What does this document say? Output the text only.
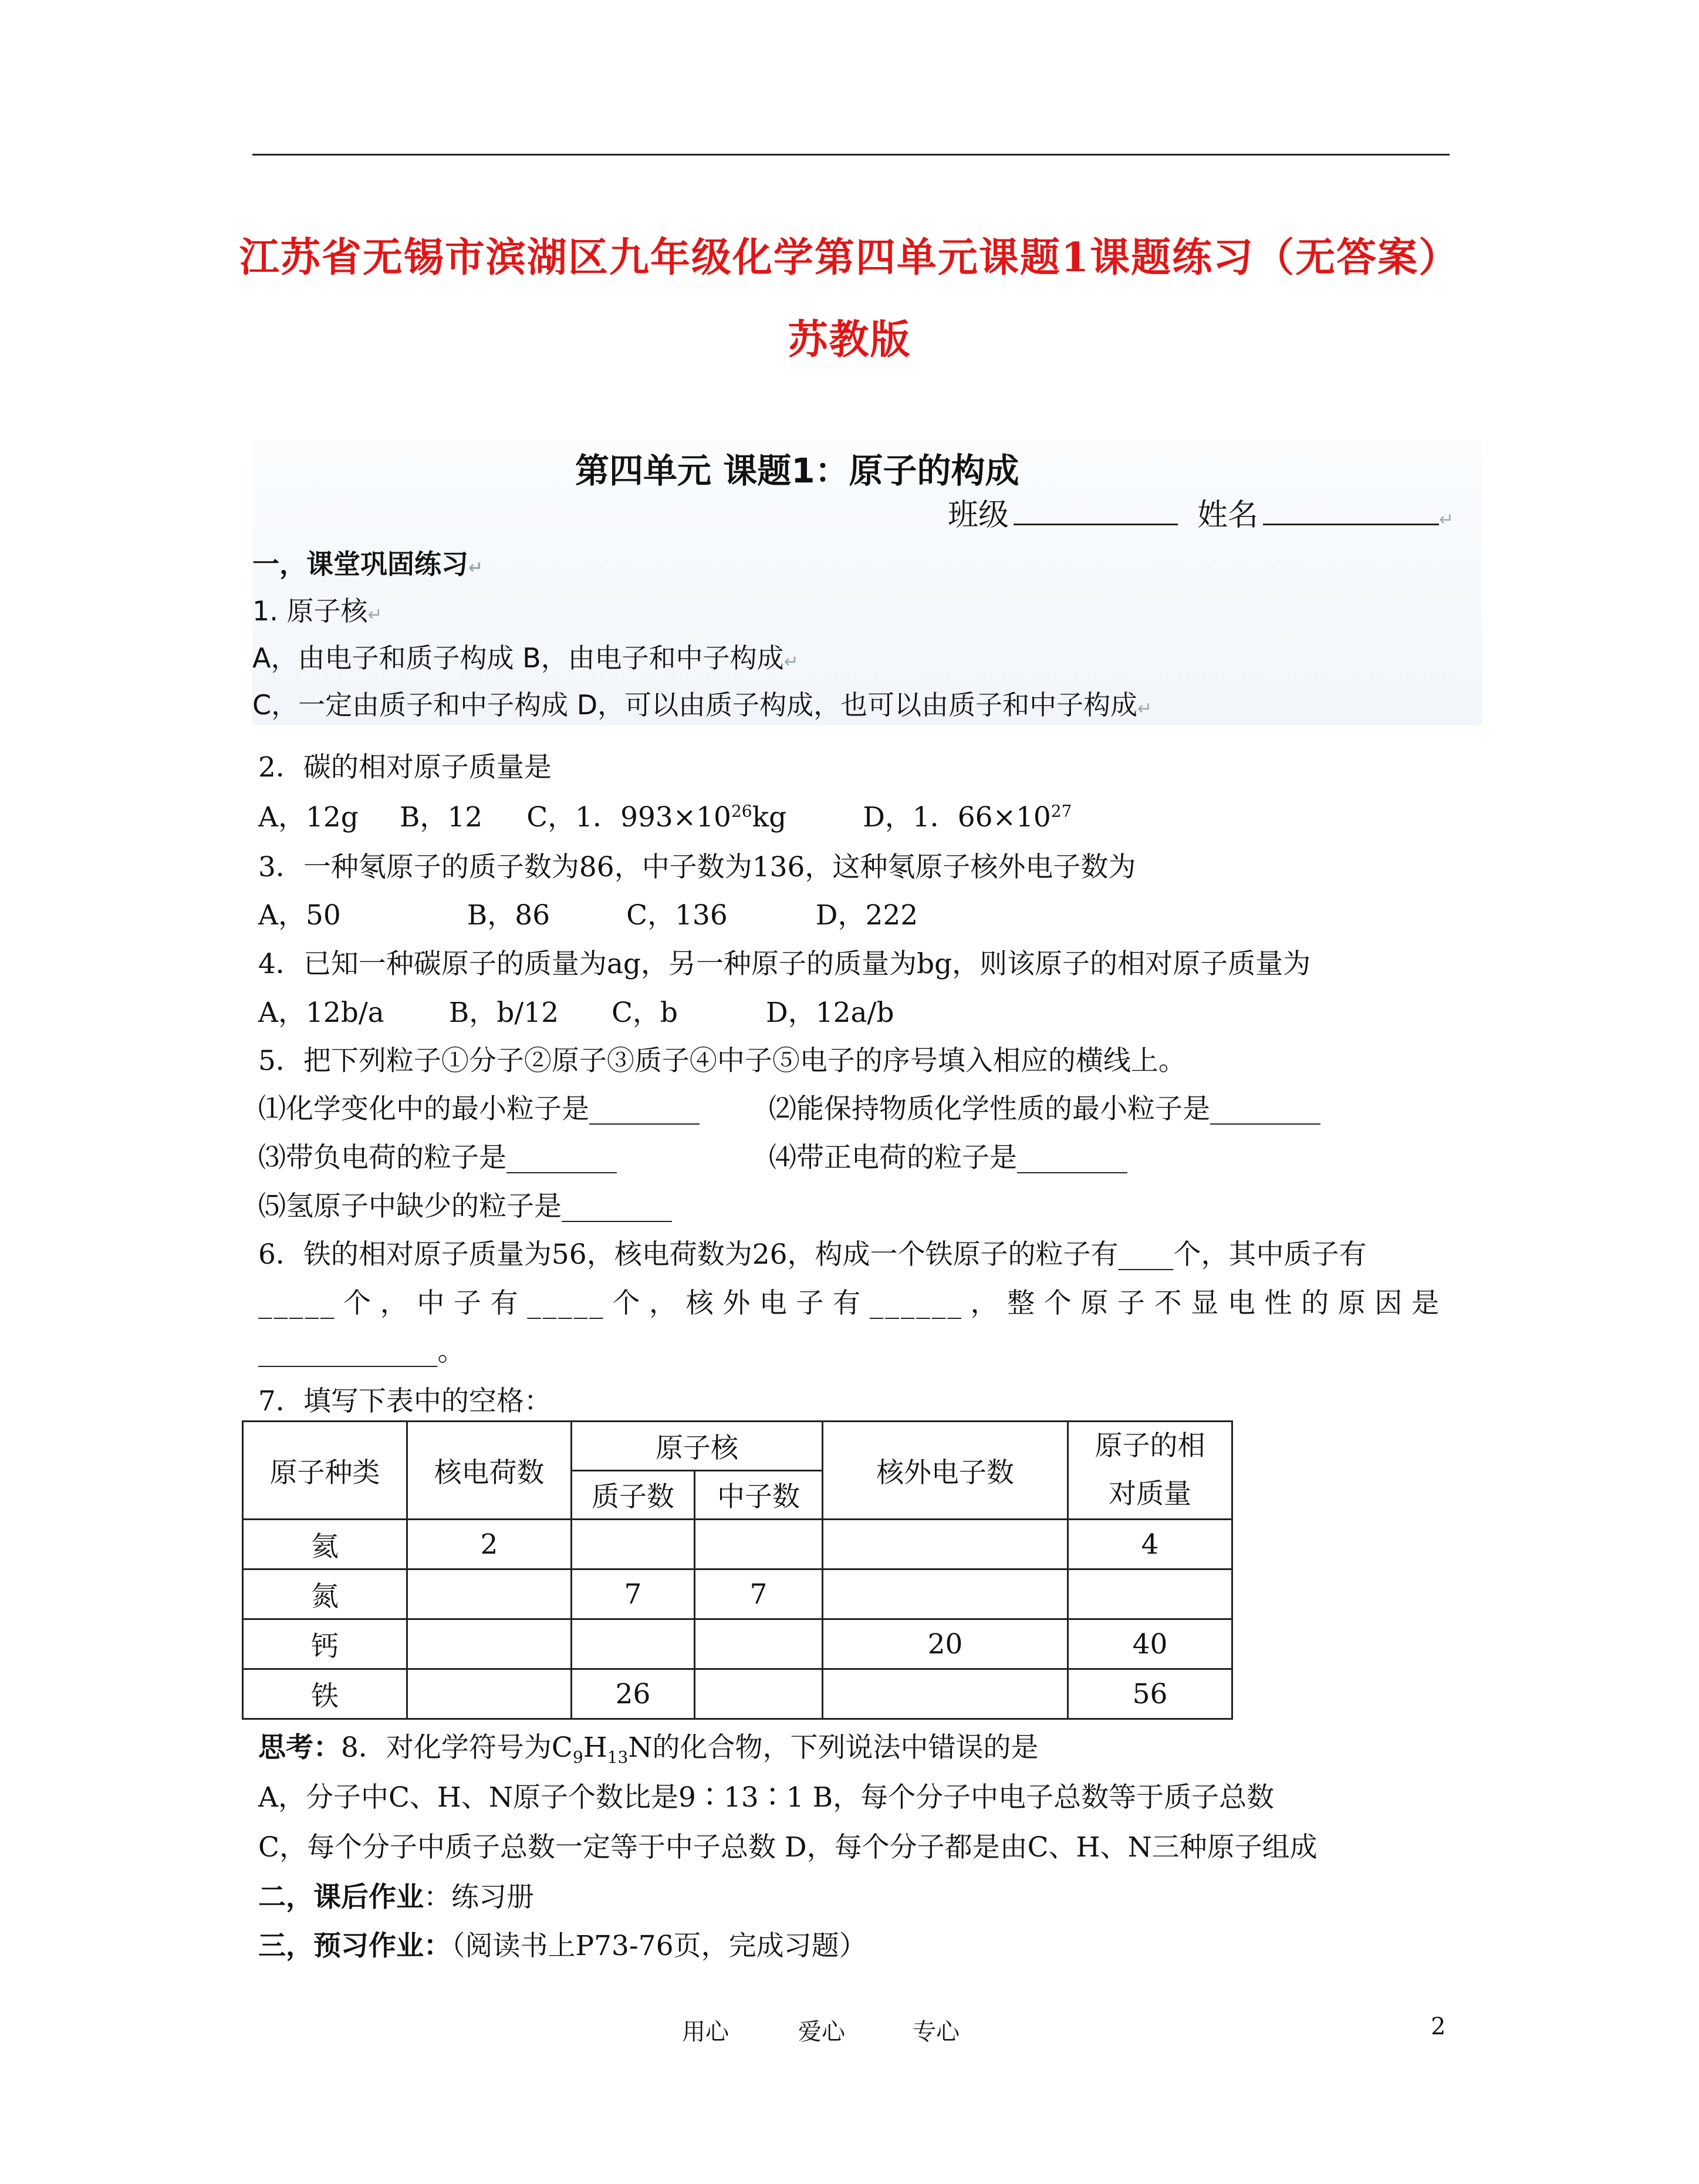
江苏省无锡市滨湖区九年级化学第四单元课题1课题练习（无答案）
苏教版
第四单元 课题1：原子的构成
班级	姓名	↵
一，课堂巩固练习↵
1. 原子核↵
A，由电子和质子构成 B，由电子和中子构成↵
C，一定由质子和中子构成 D，可以由质子构成，也可以由质子和中子构成↵
2．碳的相对原子质量是
A，12g B，12 C，1．$993\times 10^{26}kg$	D，1．$66\times 10^{27}$
3．一种氡原子的质子数为86，中子数为136，这种氡原子核外电子数为
A，50	B，86	C，136	D，222
4．已知一种碳原子的质量为ag，另一种原子的质量为bg，则该原子的相对原子质量为
A，12b/a B，b/12 C，b	D，12a/b
5．把下列粒子①分子②原子③质子④中子⑤电子的序号填入相应的横线上。
⑴化学变化中的最小粒子是________	⑵能保持物质化学性质的最小粒子是________
⑶带负电荷的粒子是________	⑷带正电荷的粒子是________
⑸氢原子中缺少的粒子是________
6．铁的相对原子质量为56，核电荷数为26，构成一个铁原子的粒子有____个，其中质子有
_____个，中子有_____个，核外电子有______，整个原子不显电性的原因是
_____________。
7．填写下表中的空格：
原子种类	核电荷数	原子核		核外电子数	原子的相
对质量
		质子数	中子数		
氦	2				4
氮		7	7		
钙				20	40
铁		26			56
思考：8．对化学符号为$C_9H_{13}N$的化合物，下列说法中错误的是
A，分子中C、H、N原子个数比是9∶13∶1 B，每个分子中电子总数等于质子总数
C，每个分子中质子总数一定等于中子总数 D，每个分子都是由C、H、N三种原子组成
二，课后作业：练习册
三，预习作业：（阅读书上P73-76页，完成习题）
用心	爱心	专心	2
